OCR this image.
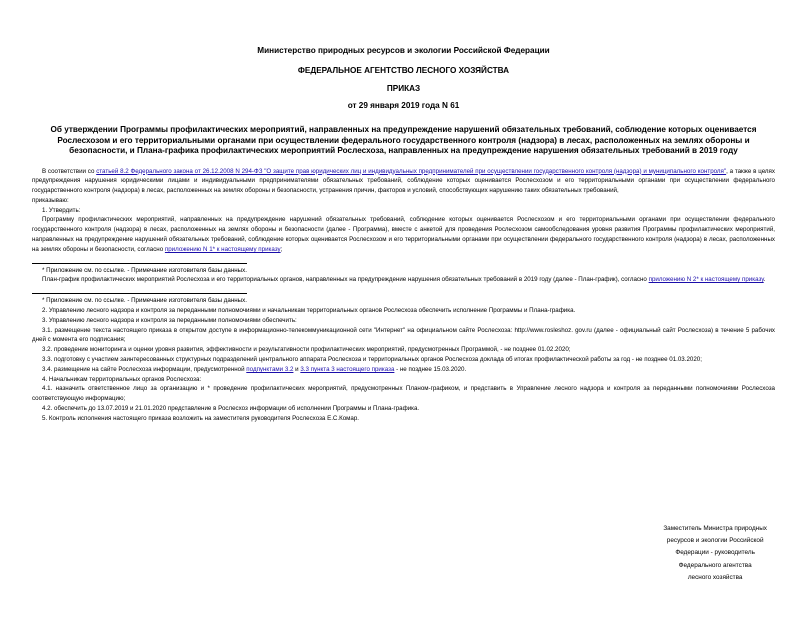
Министерство природных ресурсов и экологии Российской Федерации
ФЕДЕРАЛЬНОЕ АГЕНТСТВО ЛЕСНОГО ХОЗЯЙСТВА
ПРИКАЗ
от 29 января 2019 года N 61
Об утверждении Программы профилактических мероприятий, направленных на предупреждение нарушений обязательных требований, соблюдение которых оценивается Рослесхозом и его территориальными органами при осуществлении федерального государственного контроля (надзора) в лесах, расположенных на землях обороны и безопасности, и Плана-графика профилактических мероприятий Рослесхоза, направленных на предупреждение нарушения обязательных требований в 2019 году
В соответствии со статьей 8.2 Федерального закона от 26.12.2008 N 294-ФЗ "О защите прав юридических лиц и индивидуальных предпринимателей при осуществлении государственного контроля (надзора) и муниципального контроля", а также в целях предупреждения нарушения юридическими лицами и индивидуальными предпринимателями обязательных требований, соблюдение которых оценивается Рослесхозом и его территориальными органами при осуществлении федерального государственного контроля (надзора) в лесах, расположенных на землях обороны и безопасности, устранения причин, факторов и условий, способствующих нарушению таких обязательных требований,
приказываю:
1. Утвердить:
Программу профилактических мероприятий, направленных на предупреждение нарушений обязательных требований, соблюдение которых оценивается Рослесхозом и его территориальными органами при осуществлении федерального государственного контроля (надзора) в лесах, расположенных на землях обороны и безопасности (далее - Программа), вместе с анкетой для проведения Рослесхозом самообследования уровня развития Программы профилактических мероприятий, направленных на предупреждение нарушений обязательных требований, соблюдение которых оценивается Рослесхозом и его территориальными органами при осуществлении федерального государственного контроля (надзора) в лесах, расположенных на землях обороны и безопасности, согласно приложению N 1* к настоящему приказу;
* Приложение см. по ссылке. - Примечание изготовителя базы данных.
План-график профилактических мероприятий Рослесхоза и его территориальных органов, направленных на предупреждение нарушения обязательных требований в 2019 году (далее - План-график), согласно приложению N 2* к настоящему приказу.
* Приложение см. по ссылке. - Примечание изготовителя базы данных.
2. Управлению лесного надзора и контроля за переданными полномочиями и начальникам территориальных органов Рослесхоза обеспечить исполнение Программы и Плана-графика.
3. Управлению лесного надзора и контроля за переданными полномочиями обеспечить:
3.1. размещение текста настоящего приказа в открытом доступе в информационно-телекоммуникационной сети "Интернет" на официальном сайте Рослесхоза: http://www.rosleshoz. gov.ru (далее - официальный сайт Рослесхоза) в течение 5 рабочих дней с момента его подписания;
3.2. проведение мониторинга и оценки уровня развития, эффективности и результативности профилактических мероприятий, предусмотренных Программой, - не позднее 01.02.2020;
3.3. подготовку с участием заинтересованных структурных подразделений центрального аппарата Рослесхоза и территориальных органов Рослесхоза доклада об итогах профилактической работы за год - не позднее 01.03.2020;
3.4. размещение на сайте Рослесхоза информации, предусмотренной подпунктами 3.2 и 3.3 пункта 3 настоящего приказа - не позднее 15.03.2020.
4. Начальникам территориальных органов Рослесхоза:
4.1. назначить ответственное лицо за организацию и * проведение профилактических мероприятий, предусмотренных Планом-графиком, и представить в Управление лесного надзора и контроля за переданными полномочиями Рослесхоза соответствующую информацию;
4.2. обеспечить до 13.07.2019 и 21.01.2020 представление в Рослесхоз информации об исполнении Программы и Плана-графика.
5. Контроль исполнения настоящего приказа возложить на заместителя руководителя Рослесхоза Е.С.Комар.
Заместитель Министра природных
ресурсов и экологии Российской
Федерации - руководитель
Федерального агентства
лесного хозяйства
